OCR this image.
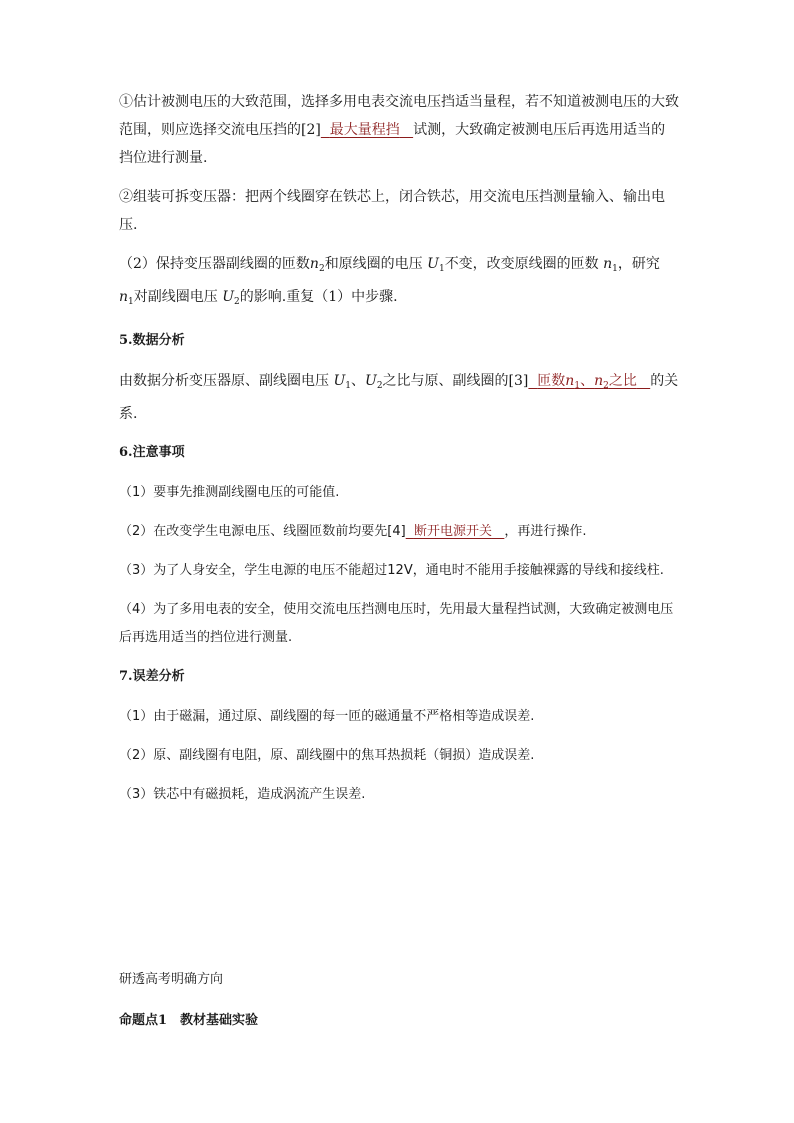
①估计被测电压的大致范围，选择多用电表交流电压挡适当量程，若不知道被测电压的大致范围，则应选择交流电压挡的[2] 最大量程挡 试测，大致确定被测电压后再选用适当的挡位进行测量.

②组装可拆变压器：把两个线圈穿在铁芯上，闭合铁芯，用交流电压挡测量输入、输出电压.

（2）保持变压器副线圈的匝数$n_2$和原线圈的电压 $U_1$不变，改变原线圈的匝数 $n_1$，研究 $n_1$对副线圈电压 $U_2$的影响.重复（1）中步骤.

5.数据分析

由数据分析变压器原、副线圈电压 $U_1$、$U_2$之比与原、副线圈的[3] 匝数$n_1$、$n_2$之比 的关系.

6.注意事项

（1）要事先推测副线圈电压的可能值.

（2）在改变学生电源电压、线圈匝数前均要先[4] 断开电源开关 ，再进行操作.

（3）为了人身安全，学生电源的电压不能超过12V，通电时不能用手接触裸露的导线和接线柱.

（4）为了多用电表的安全，使用交流电压挡测电压时，先用最大量程挡试测，大致确定被测电压后再选用适当的挡位进行测量.

7.误差分析

（1）由于磁漏，通过原、副线圈的每一匝的磁通量不严格相等造成误差.

（2）原、副线圈有电阻，原、副线圈中的焦耳热损耗（铜损）造成误差.

（3）铁芯中有磁损耗，造成涡流产生误差.

研透高考明确方向

命题点1　教材基础实验
